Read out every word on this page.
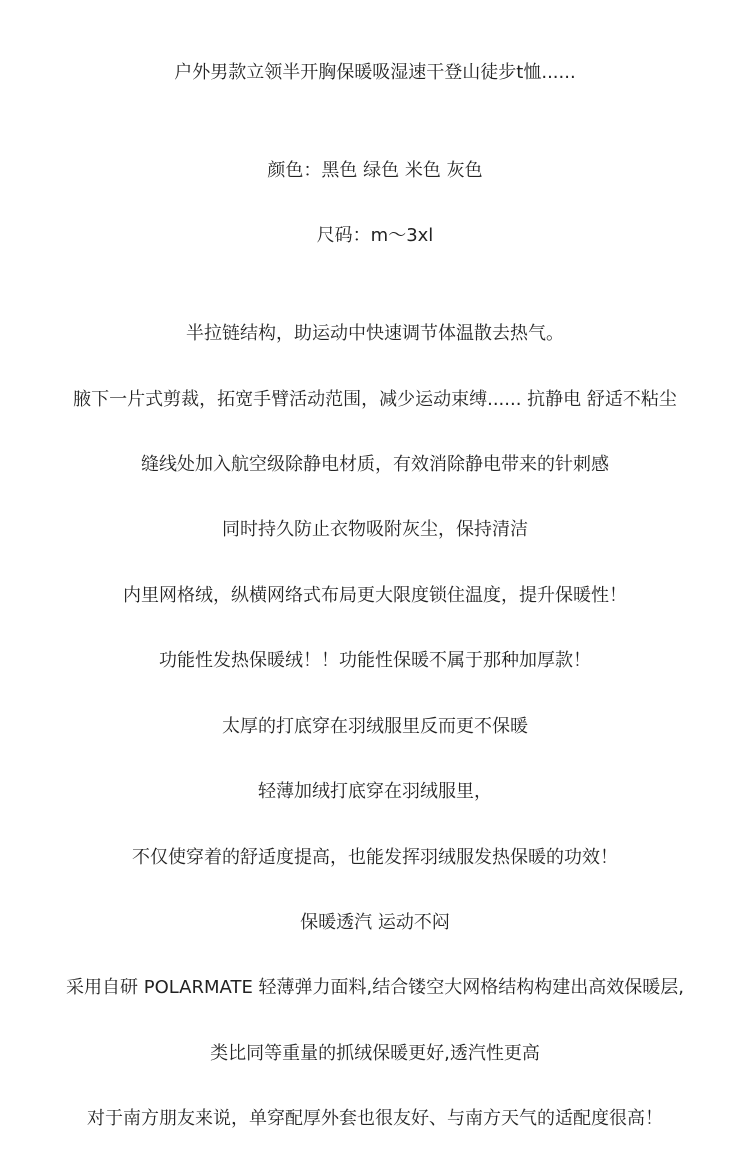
户外男款立领半开胸保暖吸湿速干登山徒步t恤......
颜色：黑色 绿色 米色 灰色
尺码：m～3xl
半拉链结构，助运动中快速调节体温散去热气。
腋下一片式剪裁，拓宽手臂活动范围，减少运动束缚...... 抗静电 舒适不粘尘
缝线处加入航空级除静电材质，有效消除静电带来的针刺感
同时持久防止衣物吸附灰尘，保持清洁
内里网格绒，纵横网络式布局更大限度锁住温度，提升保暖性！
功能性发热保暖绒！！功能性保暖不属于那种加厚款！
太厚的打底穿在羽绒服里反而更不保暖
轻薄加绒打底穿在羽绒服里，
不仅使穿着的舒适度提高，也能发挥羽绒服发热保暖的功效！
保暖透汽 运动不闷
采用自研 POLARMATE 轻薄弹力面料,结合镂空大网格结构构建出高效保暖层,
类比同等重量的抓绒保暖更好,透汽性更高
对于南方朋友来说，单穿配厚外套也很友好、与南方天气的适配度很高！
